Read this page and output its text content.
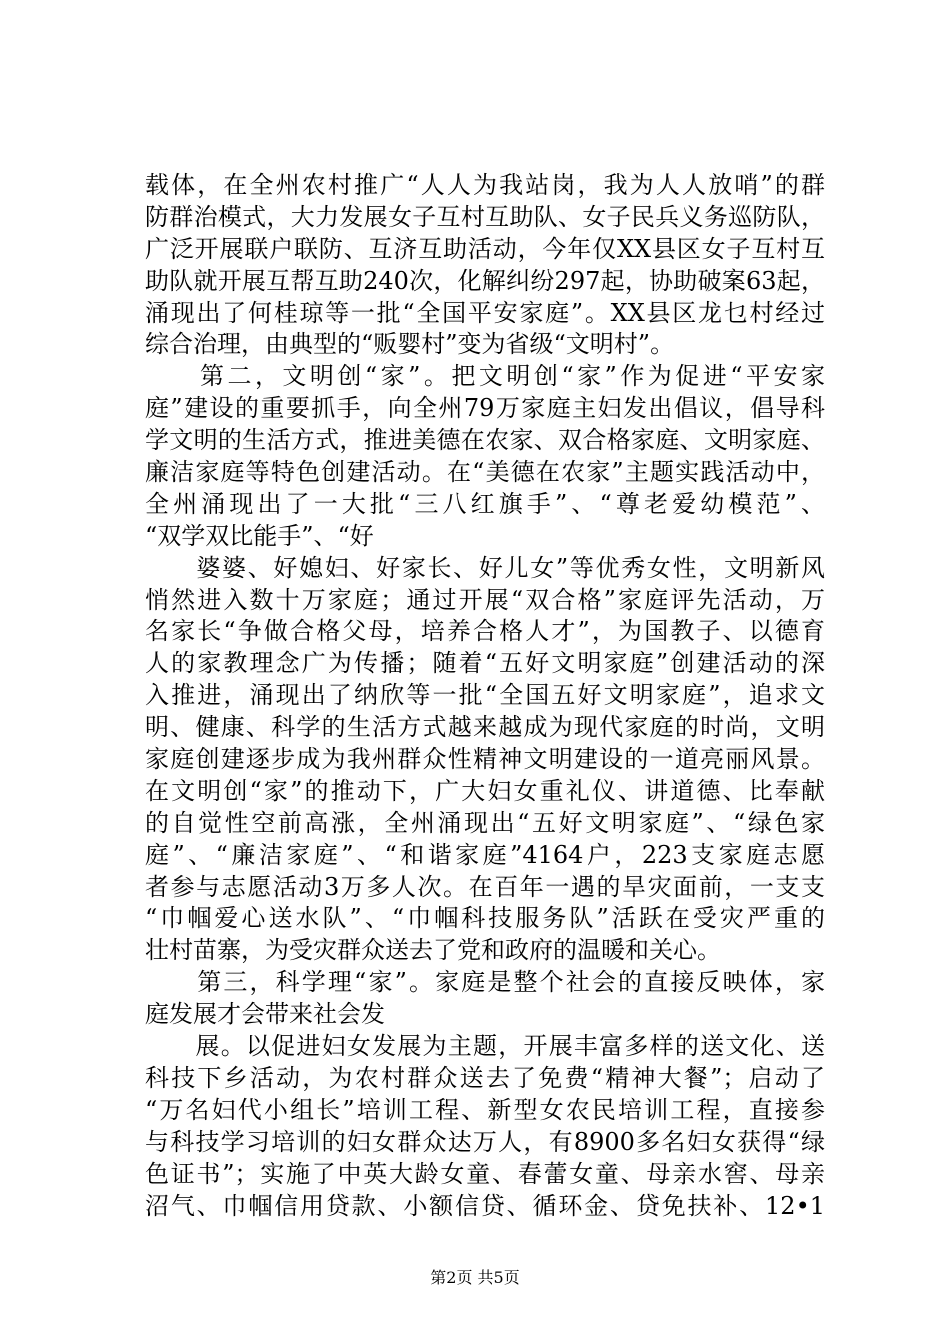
载体，在全州农村推广“人人为我站岗，我为人人放哨”的群
防群治模式，大力发展女子互村互助队、女子民兵义务巡防队，
广泛开展联户联防、互济互助活动，今年仅XX县区女子互村互
助队就开展互帮互助240次，化解纠纷297起，协助破案63起，
涌现出了何桂琼等一批“全国平安家庭”。XX县区龙乜村经过
综合治理，由典型的“贩婴村”变为省级“文明村”。
　　第二，文明创“家”。把文明创“家”作为促进“平安家
庭”建设的重要抓手，向全州79万家庭主妇发出倡议，倡导科
学文明的生活方式，推进美德在农家、双合格家庭、文明家庭、
廉洁家庭等特色创建活动。在“美德在农家”主题实践活动中，
全州涌现出了一大批“三八红旗手”、“尊老爱幼模范”、
“双学双比能手”、“好
　　婆婆、好媳妇、好家长、好儿女”等优秀女性，文明新风
悄然进入数十万家庭；通过开展“双合格”家庭评先活动，万
名家长“争做合格父母，培养合格人才”，为国教子、以德育
人的家教理念广为传播；随着“五好文明家庭”创建活动的深
入推进，涌现出了纳欣等一批“全国五好文明家庭”，追求文
明、健康、科学的生活方式越来越成为现代家庭的时尚，文明
家庭创建逐步成为我州群众性精神文明建设的一道亮丽风景。
在文明创“家”的推动下，广大妇女重礼仪、讲道德、比奉献
的自觉性空前高涨，全州涌现出“五好文明家庭”、“绿色家
庭”、“廉洁家庭”、“和谐家庭”4164户，223支家庭志愿
者参与志愿活动3万多人次。在百年一遇的旱灾面前，一支支
“巾帼爱心送水队”、“巾帼科技服务队”活跃在受灾严重的
壮村苗寨，为受灾群众送去了党和政府的温暖和关心。
　　第三，科学理“家”。家庭是整个社会的直接反映体，家
庭发展才会带来社会发
　　展。以促进妇女发展为主题，开展丰富多样的送文化、送
科技下乡活动，为农村群众送去了免费“精神大餐”；启动了
“万名妇代小组长”培训工程、新型女农民培训工程，直接参
与科技学习培训的妇女群众达万人，有8900多名妇女获得“绿
色证书”；实施了中英大龄女童、春蕾女童、母亲水窖、母亲
沼气、巾帼信用贷款、小额信贷、循环金、贷免扶补、12•1
第2页 共5页
